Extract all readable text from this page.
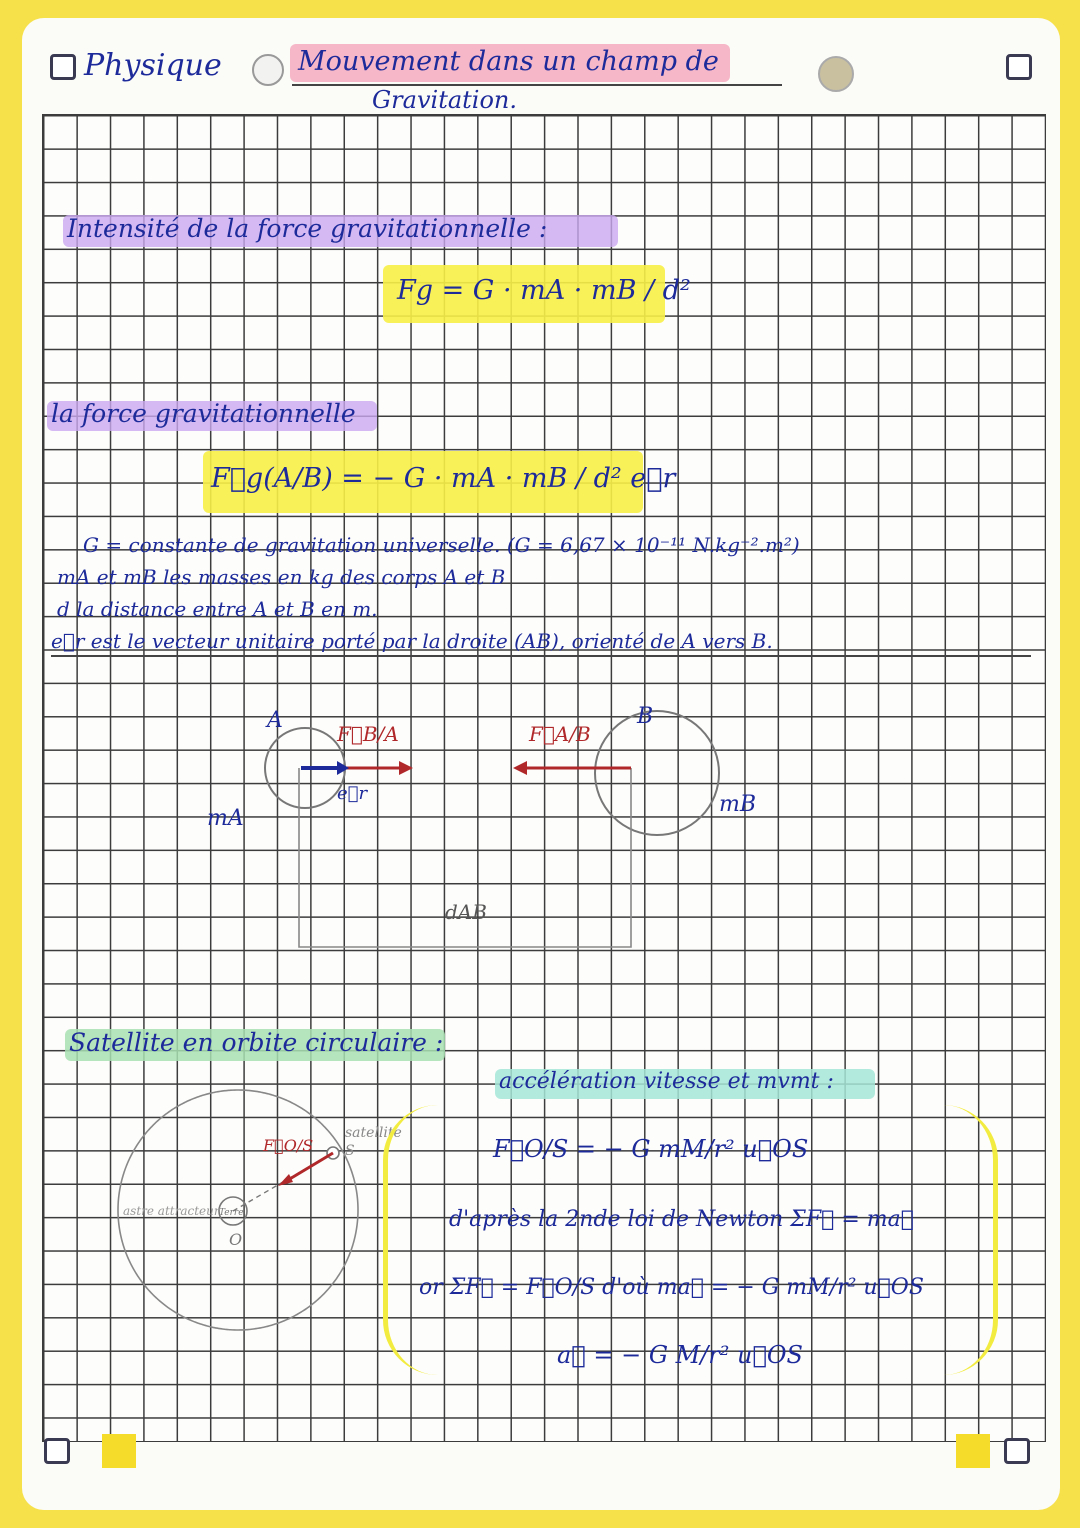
Physique	Mouvement dans un champ de
Gravitation.
Intensité de la force gravitationnelle :
Fg = G · mA · mB / d²
la force gravitationnelle
F⃗g(A/B) = − G · mA · mB / d² e⃗r
G = constante de gravitation universelle. (G = 6,67 × 10⁻¹¹ N.kg⁻².m²)
mA et mB les masses en kg des corps A et B
d la distance entre A et B en m.
e⃗r est le vecteur unitaire porté par la droite (AB), orienté de A vers B.
A	B
mA
mB
F⃗B/A	F⃗A/B
e⃗r
dAB
Satellite en orbite circulaire :
accélération vitesse et mvmt :
F⃗O/S
satellite
S
Terre
astre attracteur
O
F⃗O/S = − G mM/r² u⃗OS
d'après la 2nde loi de Newton ΣF⃗ = ma⃗
or ΣF⃗ = F⃗O/S d'où ma⃗ = − G mM/r² u⃗OS
a⃗ = − G M/r² u⃗OS
